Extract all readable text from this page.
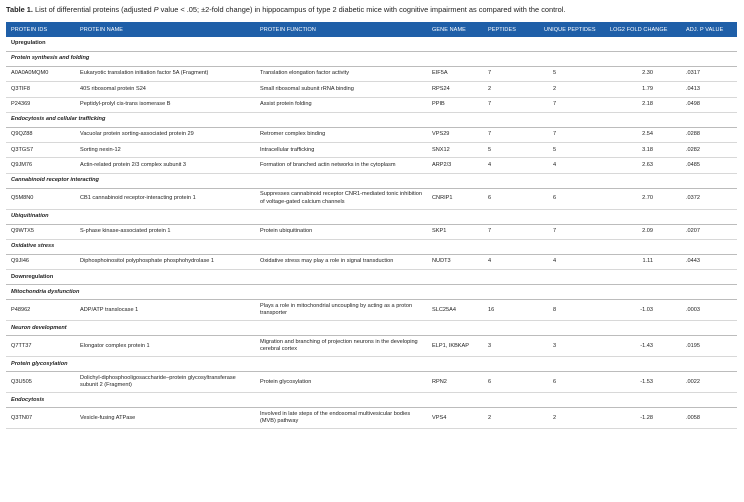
Table 1. List of differential proteins (adjusted P value < .05; ±2-fold change) in hippocampus of type 2 diabetic mice with cognitive impairment as compared with the control.
PROTEIN IDS	PROTEIN NAME	PROTEIN FUNCTION	GENE NAME	PEPTIDES	UNIQUE PEPTIDES	LOG2 FOLD CHANGE	ADJ. P VALUE
Upregulation							
Protein synthesis and folding							
A0A0A0MQM0	Eukaryotic translation initiation factor 5A (Fragment)	Translation elongation factor activity	EIF5A	7	5	2.30	.0317
Q3TIF8	40S ribosomal protein S24	Small ribosomal subunit rRNA binding	RPS24	2	2	1.79	.0413
P24369	Peptidyl-prolyl cis-trans isomerase B	Assist protein folding	PPIB	7	7	2.18	.0498
Endocytosis and cellular trafficking							
Q9QZ88	Vacuolar protein sorting-associated protein 29	Retromer complex binding	VPS29	7	7	2.54	.0288
Q3TGS7	Sorting nexin-12	Intracellular trafficking	SNX12	5	5	3.18	.0282
Q9JM76	Actin-related protein 2/3 complex subunit 3	Formation of branched actin networks in the cytoplasm	ARP2/3	4	4	2.63	.0485
Cannabinoid receptor interacting							
Q5M8N0	CB1 cannabinoid receptor-interacting protein 1	Suppresses cannabinoid receptor CNR1-mediated tonic inhibition of voltage-gated calcium channels	CNRIP1	6	6	2.70	.0372
Ubiquitination							
Q9WTX5	S-phase kinase-associated protein 1	Protein ubiquitination	SKP1	7	7	2.09	.0207
Oxidative stress							
Q9JI46	Diphosphoinositol polyphosphate phosphohydrolase 1	Oxidative stress may play a role in signal transduction	NUDT3	4	4	1.11	.0443
Downregulation							
Mitochondria dysfunction							
P48962	ADP/ATP translocase 1	Plays a role in mitochondrial uncoupling by acting as a proton transporter	SLC25A4	16	8	-1.03	.0003
Neuron development							
Q7TT37	Elongator complex protein 1	Migration and branching of projection neurons in the developing cerebral cortex	ELP1, IKBKAP	3	3	-1.43	.0195
Protein glycosylation							
Q3U505	Dolichyl-diphosphooligosaccharide–protein glycosyltransferase subunit 2 (Fragment)	Protein glycosylation	RPN2	6	6	-1.53	.0022
Endocytosis							
Q3TN07	Vesicle-fusing ATPase	Involved in late steps of the endosomal multivesicular bodies (MVB) pathway	VPS4	2	2	-1.28	.0058
